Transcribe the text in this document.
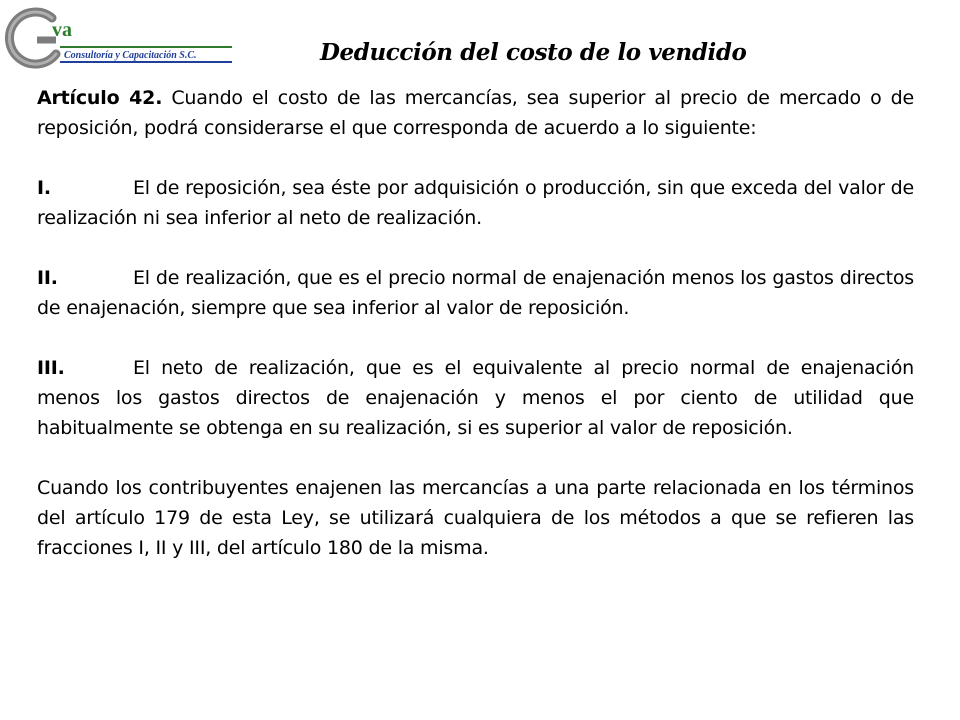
va
Consultoría y Capacitación S.C.	Deducción del costo de lo vendido

Artículo 42. Cuando el costo de las mercancías, sea superior al precio de mercado o de reposición, podrá considerarse el que corresponda de acuerdo a lo siguiente:

I.	El de reposición, sea éste por adquisición o producción, sin que exceda del valor de realización ni sea inferior al neto de realización.

II.	El de realización, que es el precio normal de enajenación menos los gastos directos de enajenación, siempre que sea inferior al valor de reposición.

III.	El neto de realización, que es el equivalente al precio normal de enajenación menos los gastos directos de enajenación y menos el por ciento de utilidad que habitualmente se obtenga en su realización, si es superior al valor de reposición.

Cuando los contribuyentes enajenen las mercancías a una parte relacionada en los términos del artículo 179 de esta Ley, se utilizará cualquiera de los métodos a que se refieren las fracciones I, II y III, del artículo 180 de la misma.
